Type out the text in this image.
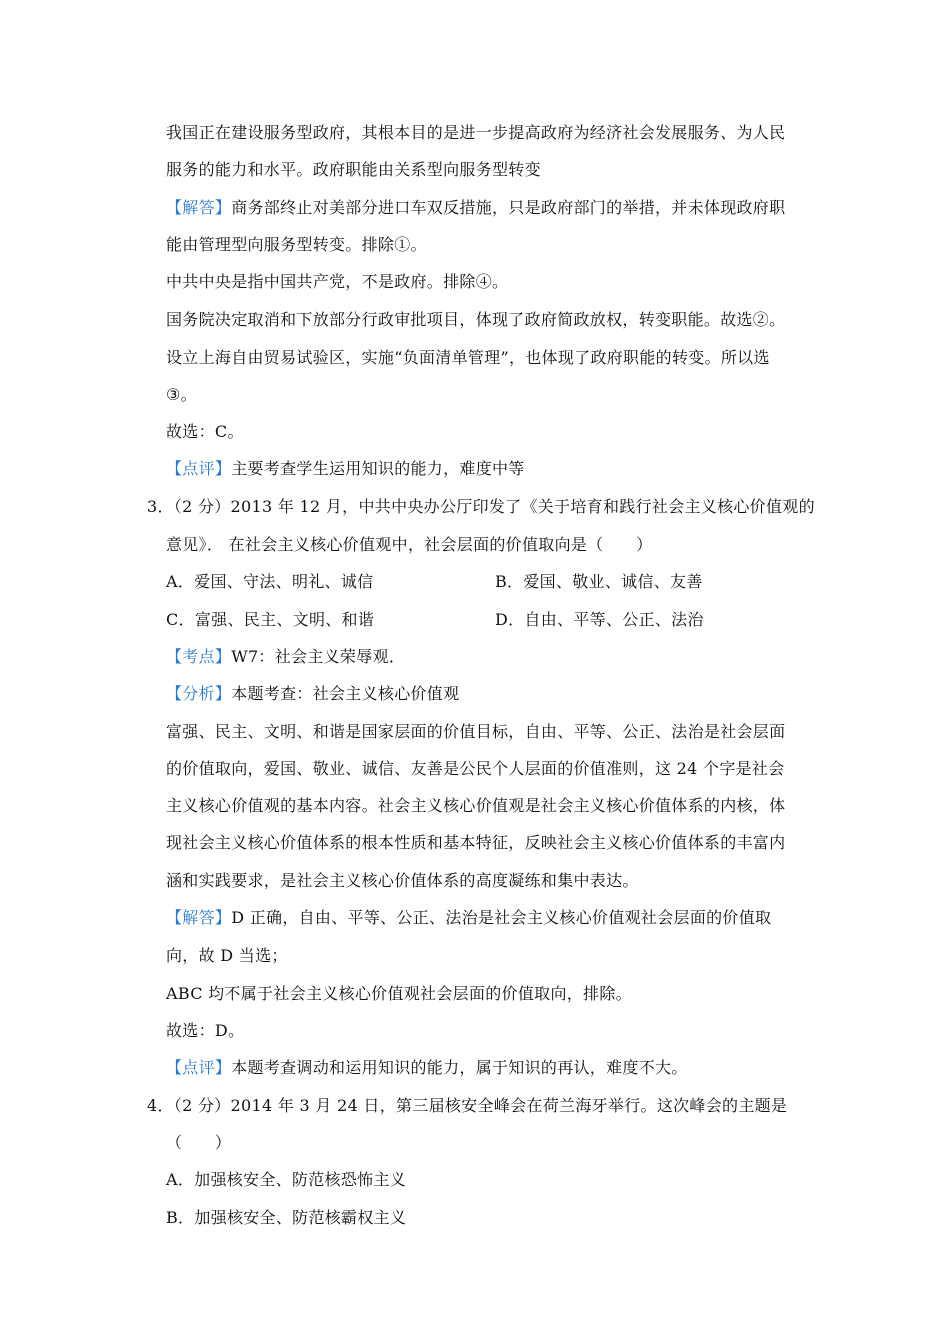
我国正在建设服务型政府，其根本目的是进一步提高政府为经济社会发展服务、为人民
服务的能力和水平。政府职能由关系型向服务型转变
【解答】商务部终止对美部分进口车双反措施，只是政府部门的举措，并未体现政府职
能由管理型向服务型转变。排除①。
中共中央是指中国共产党，不是政府。排除④。
国务院决定取消和下放部分行政审批项目，体现了政府简政放权，转变职能。故选②。
设立上海自由贸易试验区，实施“负面清单管理”，也体现了政府职能的转变。所以选
③。
故选：C。
【点评】主要考查学生运用知识的能力，难度中等
3．（2 分）2013 年 12 月，中共中央办公厅印发了《关于培育和践行社会主义核心价值观的
意见》． 在社会主义核心价值观中，社会层面的价值取向是（　　）
A．爱国、守法、明礼、诚信	B．爱国、敬业、诚信、友善
C．富强、民主、文明、和谐	D．自由、平等、公正、法治
【考点】W7：社会主义荣辱观．
【分析】本题考查：社会主义核心价值观
富强、民主、文明、和谐是国家层面的价值目标，自由、平等、公正、法治是社会层面
的价值取向，爱国、敬业、诚信、友善是公民个人层面的价值准则，这 24 个字是社会
主义核心价值观的基本内容。社会主义核心价值观是社会主义核心价值体系的内核，体
现社会主义核心价值体系的根本性质和基本特征，反映社会主义核心价值体系的丰富内
涵和实践要求，是社会主义核心价值体系的高度凝练和集中表达。
【解答】D 正确，自由、平等、公正、法治是社会主义核心价值观社会层面的价值取
向，故 D 当选；
ABC 均不属于社会主义核心价值观社会层面的价值取向，排除。
故选：D。
【点评】本题考查调动和运用知识的能力，属于知识的再认，难度不大。
4．（2 分）2014 年 3 月 24 日，第三届核安全峰会在荷兰海牙举行。这次峰会的主题是
（　　）
A．加强核安全、防范核恐怖主义
B．加强核安全、防范核霸权主义
